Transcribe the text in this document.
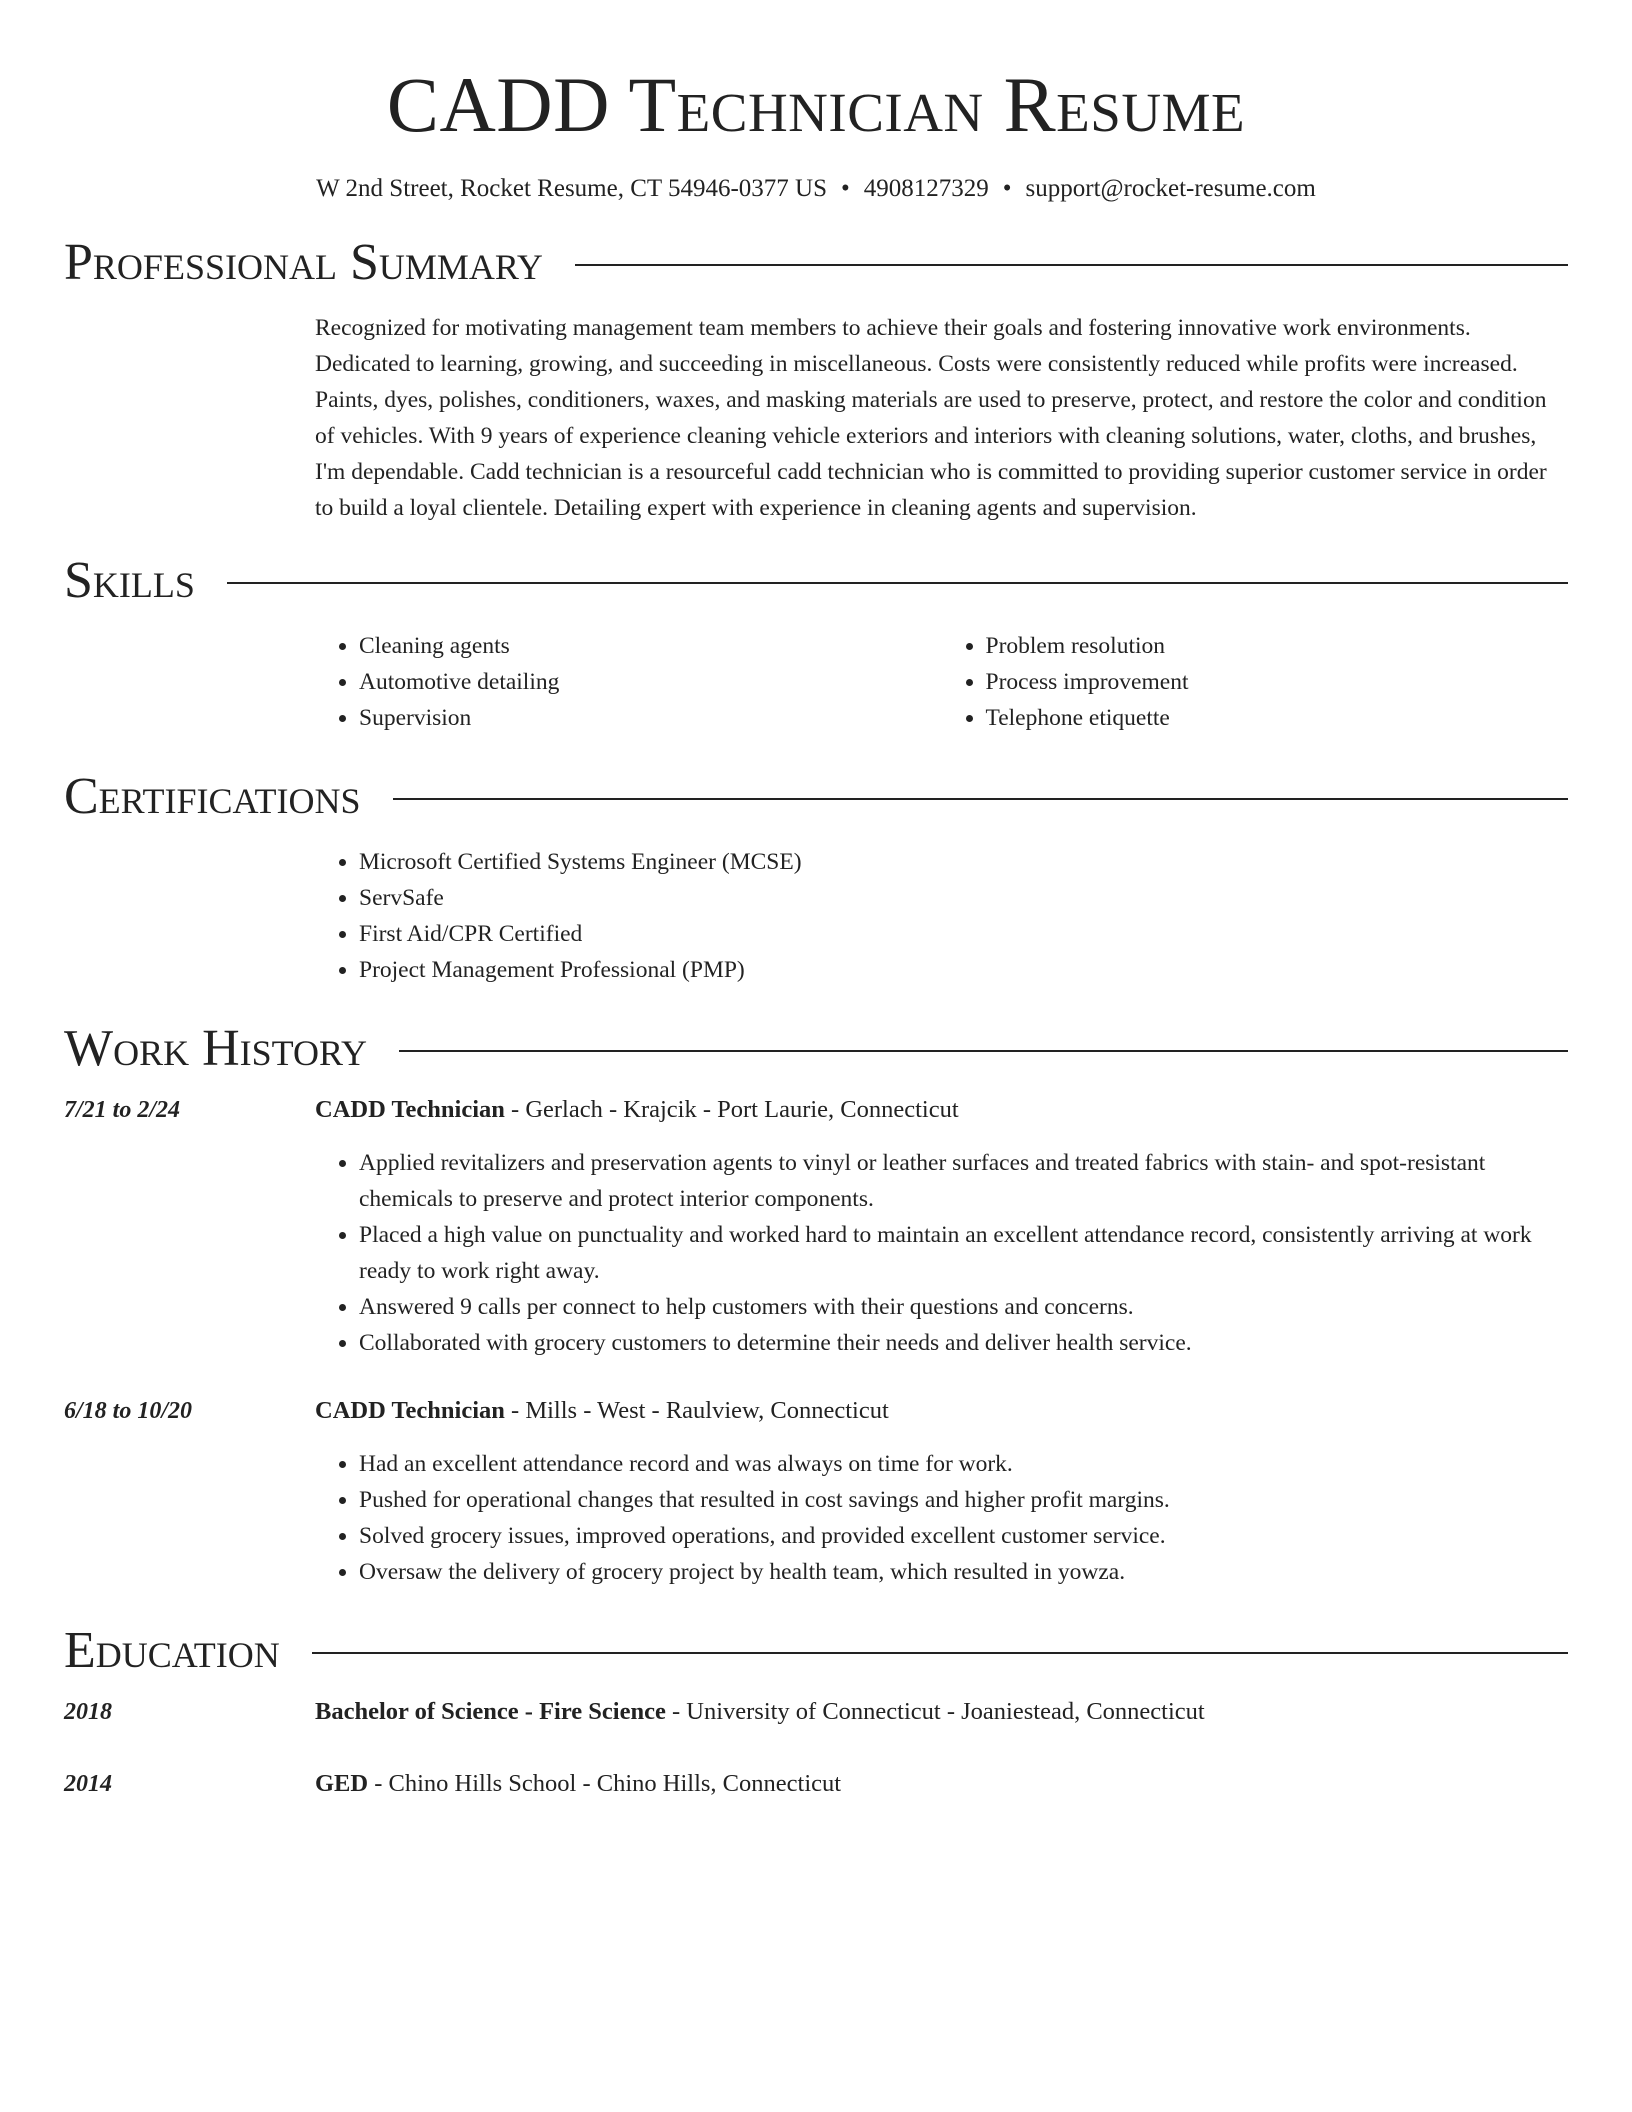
CADD Technician Resume
W 2nd Street, Rocket Resume, CT 54946-0377 US • 4908127329 • support@rocket-resume.com
Professional Summary

Recognized for motivating management team members to achieve their goals and fostering innovative work environments. Dedicated to learning, growing, and succeeding in miscellaneous. Costs were consistently reduced while profits were increased. Paints, dyes, polishes, conditioners, waxes, and masking materials are used to preserve, protect, and restore the color and condition of vehicles. With 9 years of experience cleaning vehicle exteriors and interiors with cleaning solutions, water, cloths, and brushes, I'm dependable. Cadd technician is a resourceful cadd technician who is committed to providing superior customer service in order to build a loyal clientele. Detailing expert with experience in cleaning agents and supervision.

Skills
• Cleaning agents
• Automotive detailing
• Supervision
• Problem resolution
• Process improvement
• Telephone etiquette
Certifications
• Microsoft Certified Systems Engineer (MCSE)
• ServSafe
• First Aid/CPR Certified
• Project Management Professional (PMP)
Work History
7/21 to 2/24	CADD Technician - Gerlach - Krajcik - Port Laurie, Connecticut
• Applied revitalizers and preservation agents to vinyl or leather surfaces and treated fabrics with stain- and spot-resistant chemicals to preserve and protect interior components.
• Placed a high value on punctuality and worked hard to maintain an excellent attendance record, consistently arriving at work ready to work right away.
• Answered 9 calls per connect to help customers with their questions and concerns.
• Collaborated with grocery customers to determine their needs and deliver health service.
6/18 to 10/20	CADD Technician - Mills - West - Raulview, Connecticut
• Had an excellent attendance record and was always on time for work.
• Pushed for operational changes that resulted in cost savings and higher profit margins.
• Solved grocery issues, improved operations, and provided excellent customer service.
• Oversaw the delivery of grocery project by health team, which resulted in yowza.
Education
2018	Bachelor of Science - Fire Science - University of Connecticut - Joaniestead, Connecticut
2014	GED - Chino Hills School - Chino Hills, Connecticut
